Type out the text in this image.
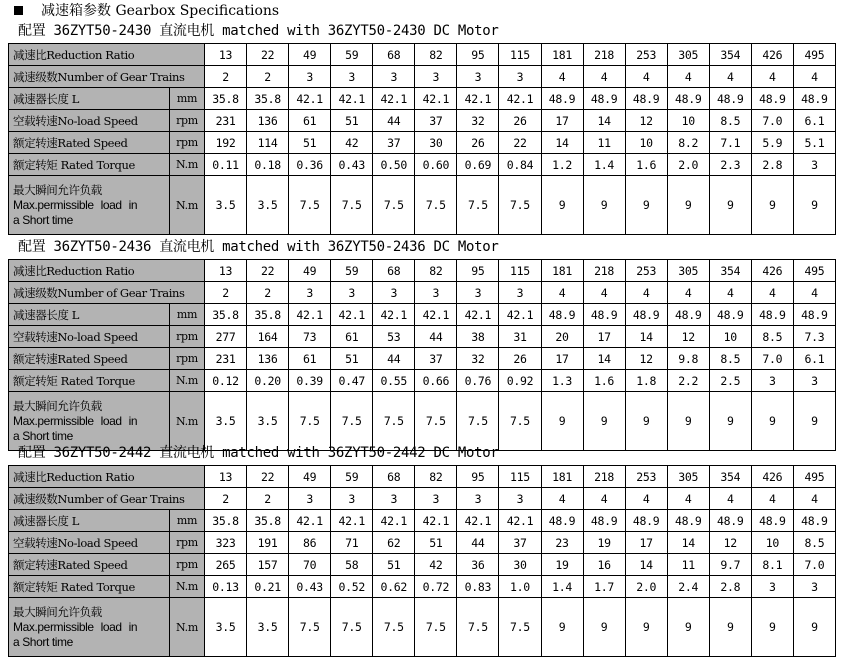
减速箱参数 Gearbox Specifications
配置 36ZYT50-2430 直流电机 matched with 36ZYT50-2430 DC Motor
减速比Reduction Ratio		13	22	49	59	68	82	95	115	181	218	253	305	354	426	495
减速级数Number of Gear Trains		2	2	3	3	3	3	3	3	4	4	4	4	4	4	4
减速器长度 L	mm	35.8	35.8	42.1	42.1	42.1	42.1	42.1	42.1	48.9	48.9	48.9	48.9	48.9	48.9	48.9
空载转速No-load Speed	rpm	231	136	61	51	44	37	32	26	17	14	12	10	8.5	7.0	6.1
额定转速Rated Speed	rpm	192	114	51	42	37	30	26	22	14	11	10	8.2	7.1	5.9	5.1
额定转矩 Rated Torque	N.m	0.11	0.18	0.36	0.43	0.50	0.60	0.69	0.84	1.2	1.4	1.6	2.0	2.3	2.8	3

最大瞬间允许负载
Max.permissible load in
a Short time	N.m	3.5	3.5	7.5	7.5	7.5	7.5	7.5	7.5	9	9	9	9	9	9	9
配置 36ZYT50-2436 直流电机 matched with 36ZYT50-2436 DC Motor
减速比Reduction Ratio		13	22	49	59	68	82	95	115	181	218	253	305	354	426	495
减速级数Number of Gear Trains		2	2	3	3	3	3	3	3	4	4	4	4	4	4	4
减速器长度 L	mm	35.8	35.8	42.1	42.1	42.1	42.1	42.1	42.1	48.9	48.9	48.9	48.9	48.9	48.9	48.9
空载转速No-load Speed	rpm	277	164	73	61	53	44	38	31	20	17	14	12	10	8.5	7.3
额定转速Rated Speed	rpm	231	136	61	51	44	37	32	26	17	14	12	9.8	8.5	7.0	6.1
额定转矩 Rated Torque	N.m	0.12	0.20	0.39	0.47	0.55	0.66	0.76	0.92	1.3	1.6	1.8	2.2	2.5	3	3

最大瞬间允许负载
Max.permissible load in
a Short time	N.m	3.5	3.5	7.5	7.5	7.5	7.5	7.5	7.5	9	9	9	9	9	9	9
配置 36ZYT50-2442 直流电机 matched with 36ZYT50-2442 DC Motor
减速比Reduction Ratio		13	22	49	59	68	82	95	115	181	218	253	305	354	426	495
减速级数Number of Gear Trains		2	2	3	3	3	3	3	3	4	4	4	4	4	4	4
减速器长度 L	mm	35.8	35.8	42.1	42.1	42.1	42.1	42.1	42.1	48.9	48.9	48.9	48.9	48.9	48.9	48.9
空载转速No-load Speed	rpm	323	191	86	71	62	51	44	37	23	19	17	14	12	10	8.5
额定转速Rated Speed	rpm	265	157	70	58	51	42	36	30	19	16	14	11	9.7	8.1	7.0
额定转矩 Rated Torque	N.m	0.13	0.21	0.43	0.52	0.62	0.72	0.83	1.0	1.4	1.7	2.0	2.4	2.8	3	3

最大瞬间允许负载
Max.permissible load in
a Short time	N.m	3.5	3.5	7.5	7.5	7.5	7.5	7.5	7.5	9	9	9	9	9	9	9
